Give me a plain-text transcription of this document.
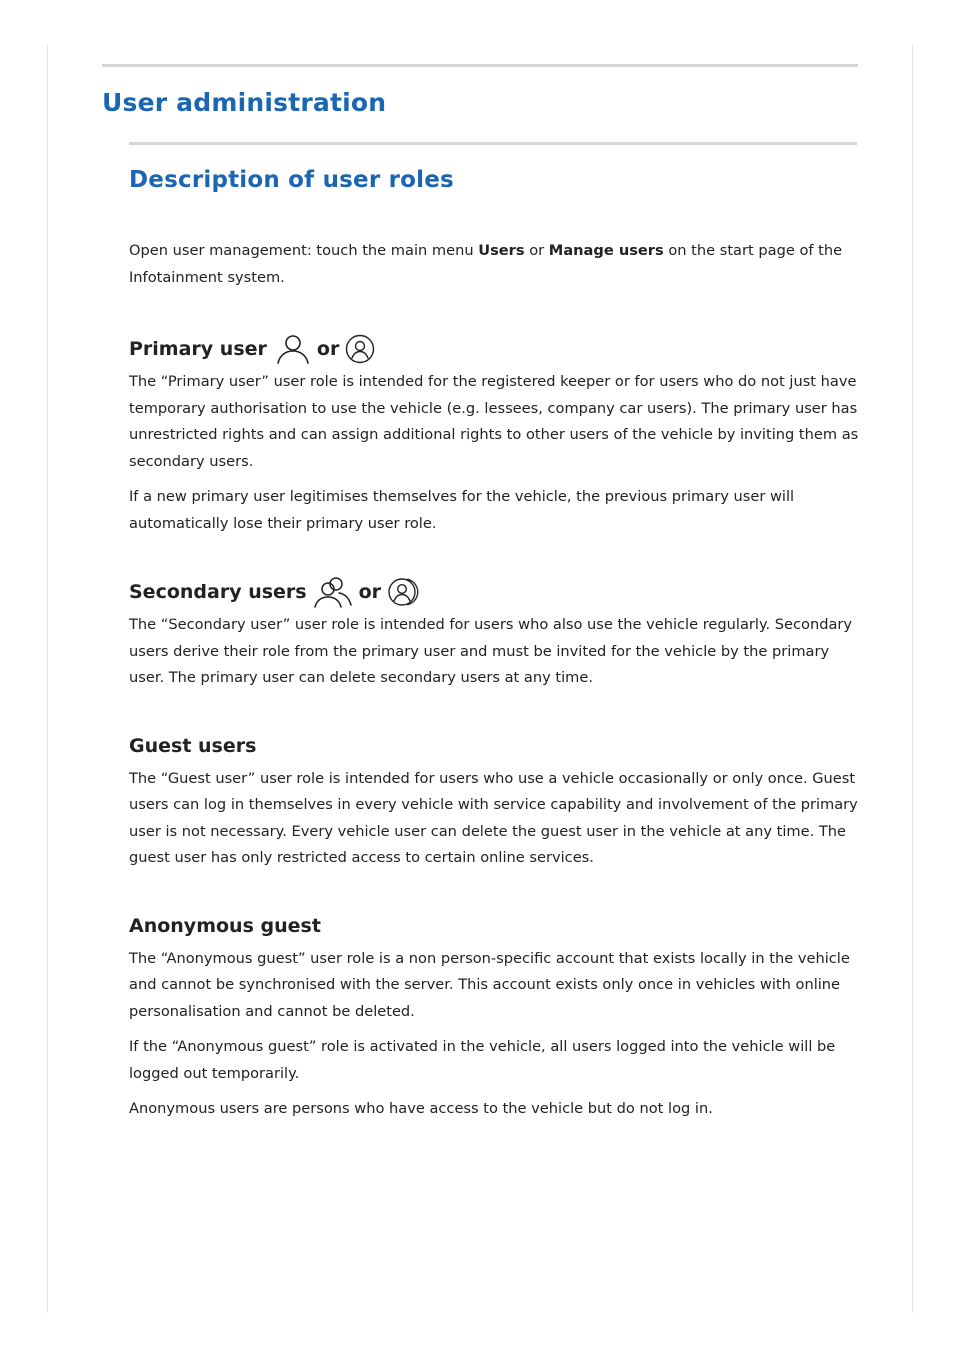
User administration
Description of user roles

Open user management: touch the main menu Users or Manage users on the start page of the Infotainment system.

Primary user	or

The “Primary user” user role is intended for the registered keeper or for users who do not just have temporary authorisation to use the vehicle (e.g. lessees, company car users). The primary user has unrestricted rights and can assign additional rights to other users of the vehicle by inviting them as secondary users.

If a new primary user legitimises themselves for the vehicle, the previous primary user will automatically lose their primary user role.

Secondary users	or

The “Secondary user” user role is intended for users who also use the vehicle regularly. Secondary users derive their role from the primary user and must be invited for the vehicle by the primary user. The primary user can delete secondary users at any time.

Guest users

The “Guest user” user role is intended for users who use a vehicle occasionally or only once. Guest users can log in themselves in every vehicle with service capability and involvement of the primary user is not necessary. Every vehicle user can delete the guest user in the vehicle at any time. The guest user has only restricted access to certain online services.

Anonymous guest

The “Anonymous guest” user role is a non person-specific account that exists locally in the vehicle and cannot be synchronised with the server. This account exists only once in vehicles with online personalisation and cannot be deleted.

If the “Anonymous guest” role is activated in the vehicle, all users logged into the vehicle will be logged out temporarily.

Anonymous users are persons who have access to the vehicle but do not log in.
